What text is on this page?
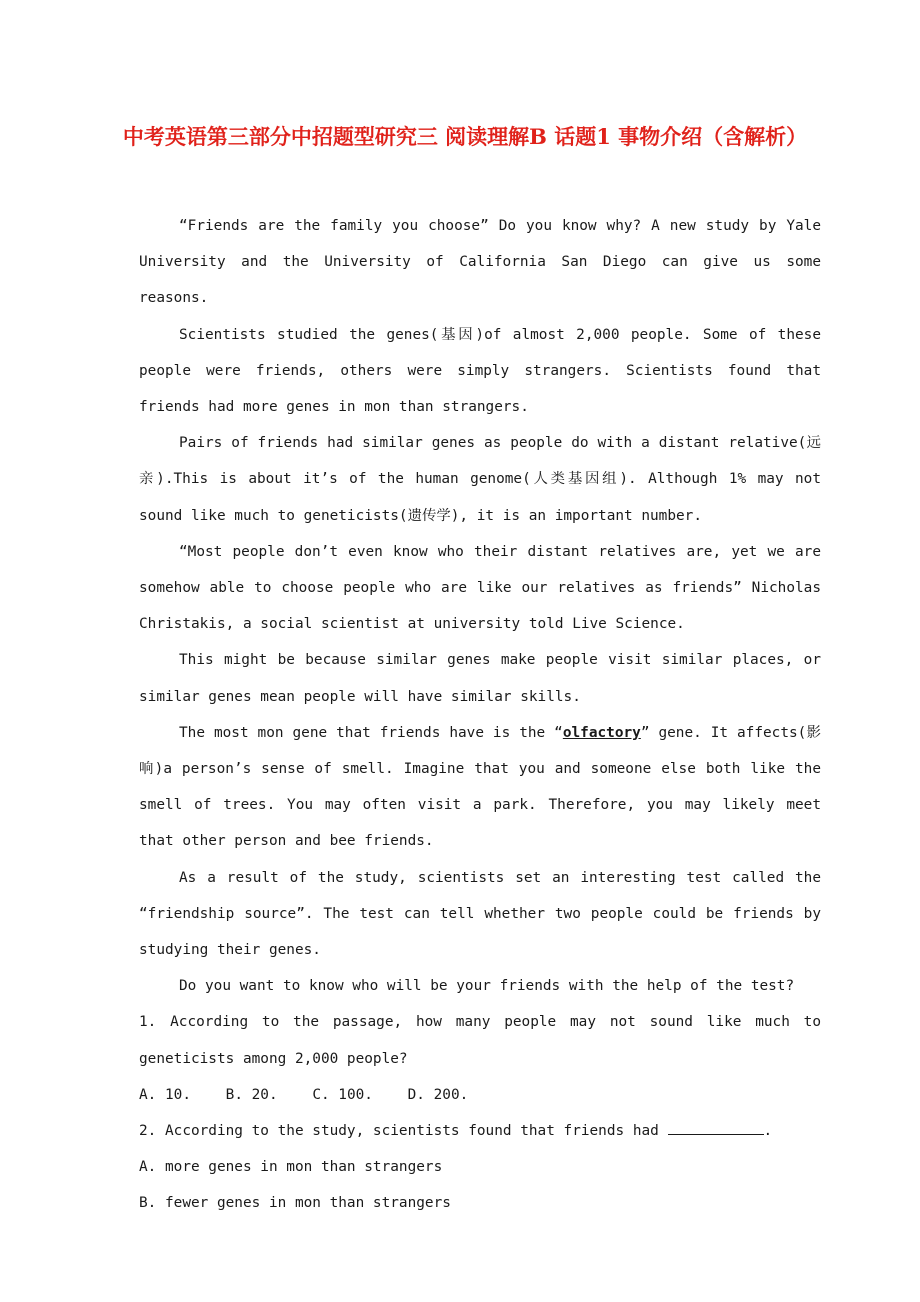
中考英语第三部分中招题型研究三 阅读理解B 话题1 事物介绍（含解析）

“Friends are the family you choose” Do you know why? A new study by Yale University and the University of California San Diego can give us some reasons.

Scientists studied the genes(基因)of almost 2,000 people. Some of these people were friends, others were simply strangers. Scientists found that friends had more genes in mon than strangers.

Pairs of friends had similar genes as people do with a distant relative(远亲).This is about it’s of the human genome(人类基因组). Although 1% may not sound like much to geneticists(遗传学), it is an important number.

“Most people don’t even know who their distant relatives are, yet we are somehow able to choose people who are like our relatives as friends” Nicholas Christakis, a social scientist at university told Live Science.

This might be because similar genes make people visit similar places, or similar genes mean people will have similar skills.

The most mon gene that friends have is the “olfactory” gene. It affects(影响)a person’s sense of smell. Imagine that you and someone else both like the smell of trees. You may often visit a park. Therefore, you may likely meet that other person and bee friends.

As a result of the study, scientists set an interesting test called the “friendship source”. The test can tell whether two people could be friends by studying their genes.

Do you want to know who will be your friends with the help of the test?

1. According to the passage, how many people may not sound like much to geneticists among 2,000 people?

A. 10. B. 20. C. 100. D. 200.

2. According to the study, scientists found that friends had	.

A. more genes in mon than strangers

B. fewer genes in mon than strangers
